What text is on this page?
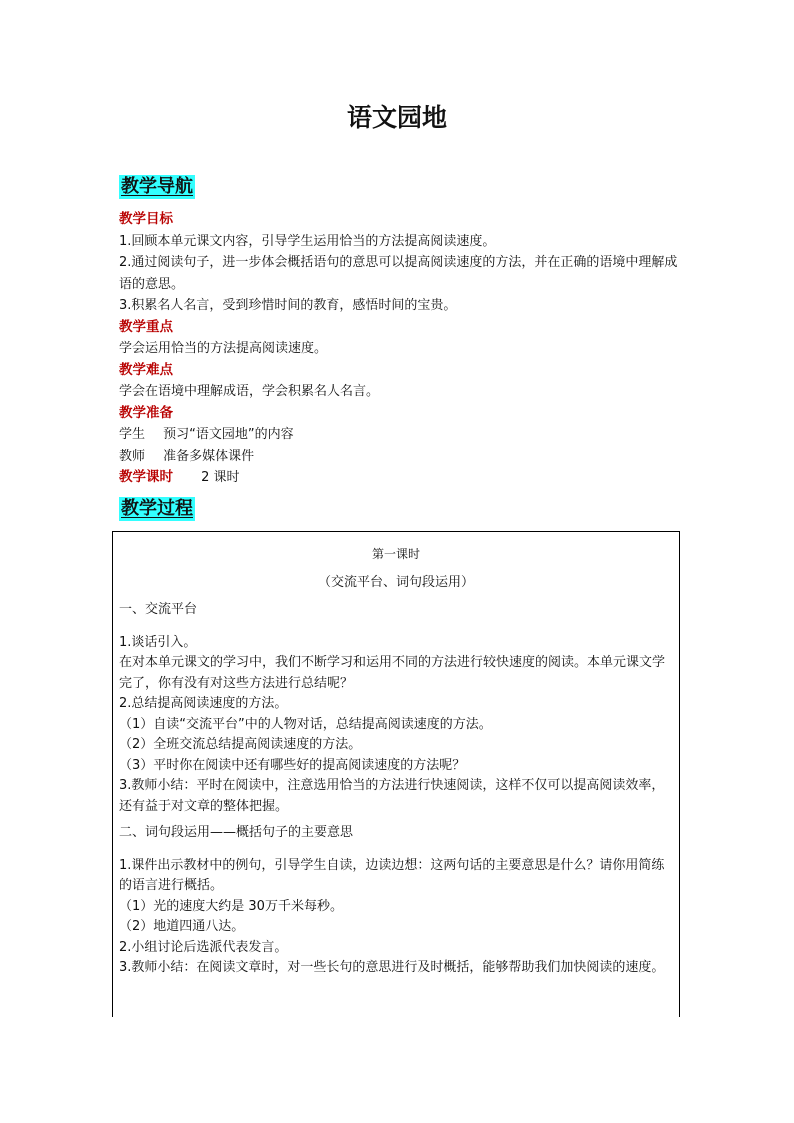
语文园地
教学导航

教学目标

1.回顾本单元课文内容，引导学生运用恰当的方法提高阅读速度。

2.通过阅读句子，进一步体会概括语句的意思可以提高阅读速度的方法，并在正确的语境中理解成语的意思。

3.积累名人名言，受到珍惜时间的教育，感悟时间的宝贵。

教学重点

学会运用恰当的方法提高阅读速度。

教学难点

学会在语境中理解成语，学会积累名人名言。

教学准备

学生 预习“语文园地”的内容

教师 准备多媒体课件

教学课时 2 课时

教学过程

第一课时

（交流平台、词句段运用）

一、交流平台

1.谈话引入。

在对本单元课文的学习中，我们不断学习和运用不同的方法进行较快速度的阅读。本单元课文学完了，你有没有对这些方法进行总结呢？

2.总结提高阅读速度的方法。

（1）自读“交流平台”中的人物对话，总结提高阅读速度的方法。

（2）全班交流总结提高阅读速度的方法。

（3）平时你在阅读中还有哪些好的提高阅读速度的方法呢？

3.教师小结：平时在阅读中，注意选用恰当的方法进行快速阅读，这样不仅可以提高阅读效率，还有益于对文章的整体把握。

二、词句段运用——概括句子的主要意思

1.课件出示教材中的例句，引导学生自读，边读边想：这两句话的主要意思是什么？请你用简练的语言进行概括。

（1）光的速度大约是 30万千米每秒。

（2）地道四通八达。

2.小组讨论后选派代表发言。

3.教师小结：在阅读文章时，对一些长句的意思进行及时概括，能够帮助我们加快阅读的速度。
